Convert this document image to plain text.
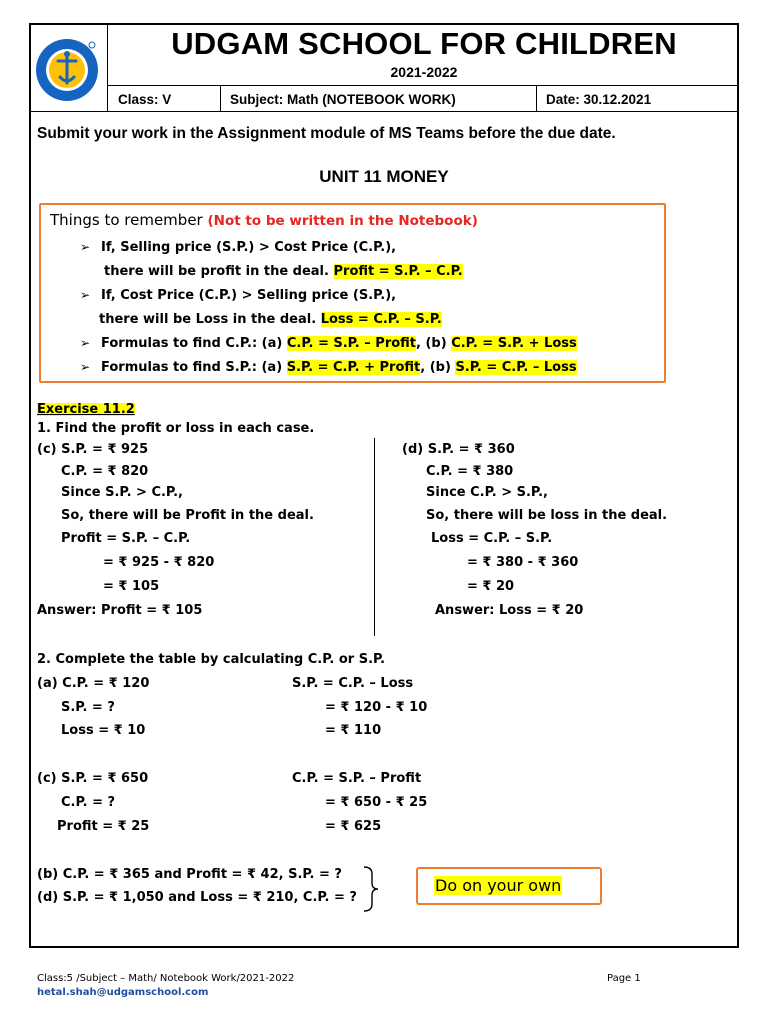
UDGAM SCHOOL FOR CHILDREN
2021-2022
Class: V	Subject: Math (NOTEBOOK WORK)	Date: 30.12.2021
Submit your work in the Assignment module of MS Teams before the due date.
UNIT 11 MONEY
Things to remember (Not to be written in the Notebook)
➢ If, Selling price (S.P.) > Cost Price (C.P.),
there will be profit in the deal. Profit = S.P. – C.P.
➢ If, Cost Price (C.P.) > Selling price (S.P.),
there will be Loss in the deal. Loss = C.P. – S.P.
➢ Formulas to find C.P.: (a) C.P. = S.P. – Profit, (b) C.P. = S.P. + Loss
➢ Formulas to find S.P.: (a) S.P. = C.P. + Profit, (b) S.P. = C.P. – Loss
Exercise 11.2
1. Find the profit or loss in each case.
(c) S.P. = ₹ 925
C.P. = ₹ 820
Since S.P. > C.P.,
So, there will be Profit in the deal.
Profit = S.P. – C.P.
= ₹ 925 - ₹ 820
= ₹ 105
Answer: Profit = ₹ 105
(d) S.P. = ₹ 360
C.P. = ₹ 380
Since C.P. > S.P.,
So, there will be loss in the deal.
Loss = C.P. – S.P.
= ₹ 380 - ₹ 360
= ₹ 20
Answer: Loss = ₹ 20
2. Complete the table by calculating C.P. or S.P.
(a) C.P. = ₹ 120
S.P. = ?
Loss = ₹ 10
S.P. = C.P. – Loss
= ₹ 120 - ₹ 10
= ₹ 110
(c) S.P. = ₹ 650
C.P. = ?
Profit = ₹ 25
C.P. = S.P. – Profit
= ₹ 650 - ₹ 25
= ₹ 625
(b) C.P. = ₹ 365 and Profit = ₹ 42, S.P. = ?
(d) S.P. = ₹ 1,050 and Loss = ₹ 210, C.P. = ?
Do on your own
Class:5 /Subject – Math/ Notebook Work/2021-2022
hetal.shah@udgamschool.com
Page 1
